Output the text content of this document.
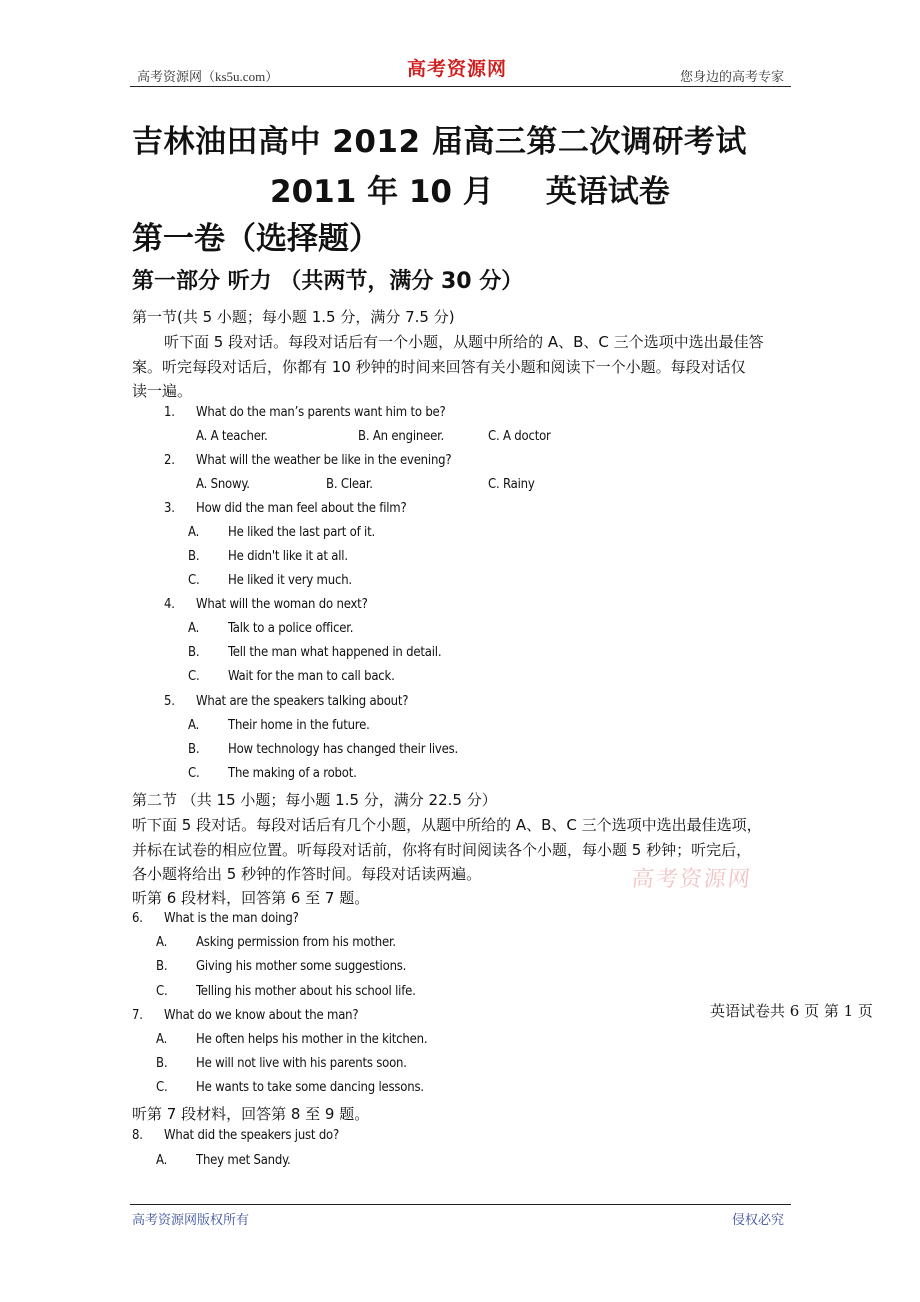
高考资源网（ks5u.com）	高考资源网	您身边的高考专家
吉林油田高中 2012 届高三第二次调研考试
2011 年 10 月 英语试卷
第一卷（选择题）
第一部分 听力 （共两节，满分 30 分）
第一节(共 5 小题；每小题 1.5 分，满分 7.5 分)
听下面 5 段对话。每段对话后有一个小题，从题中所给的 A、B、C 三个选项中选出最佳答
案。听完每段对话后，你都有 10 秒钟的时间来回答有关小题和阅读下一个小题。每段对话仅
读一遍。
1. What do the man’s parents want him to be?
A. A teacher.	B. An engineer.	C. A doctor
2. What will the weather be like in the evening?
A. Snowy.	B. Clear.	C. Rainy
3. How did the man feel about the film?
A. He liked the last part of it.
B. He didn't like it at all.
C. He liked it very much.
4. What will the woman do next?
A. Talk to a police officer.
B. Tell the man what happened in detail.
C. Wait for the man to call back.
5. What are the speakers talking about?
A. Their home in the future.
B. How technology has changed their lives.
C. The making of a robot.
第二节 （共 15 小题；每小题 1.5 分，满分 22.5 分）
听下面 5 段对话。每段对话后有几个小题，从题中所给的 A、B、C 三个选项中选出最佳选项，
并标在试卷的相应位置。听每段对话前，你将有时间阅读各个小题，每小题 5 秒钟；听完后，
各小题将给出 5 秒钟的作答时间。每段对话读两遍。	高考资源网
听第 6 段材料，回答第 6 至 7 题。
6. What is the man doing?
A. Asking permission from his mother.
B. Giving his mother some suggestions.
C. Telling his mother about his school life.
英语试卷共 6 页 第 1 页
7. What do we know about the man?
A. He often helps his mother in the kitchen.
B. He will not live with his parents soon.
C. He wants to take some dancing lessons.
听第 7 段材料，回答第 8 至 9 题。
8. What did the speakers just do?
A. They met Sandy.
高考资源网版权所有	侵权必究
